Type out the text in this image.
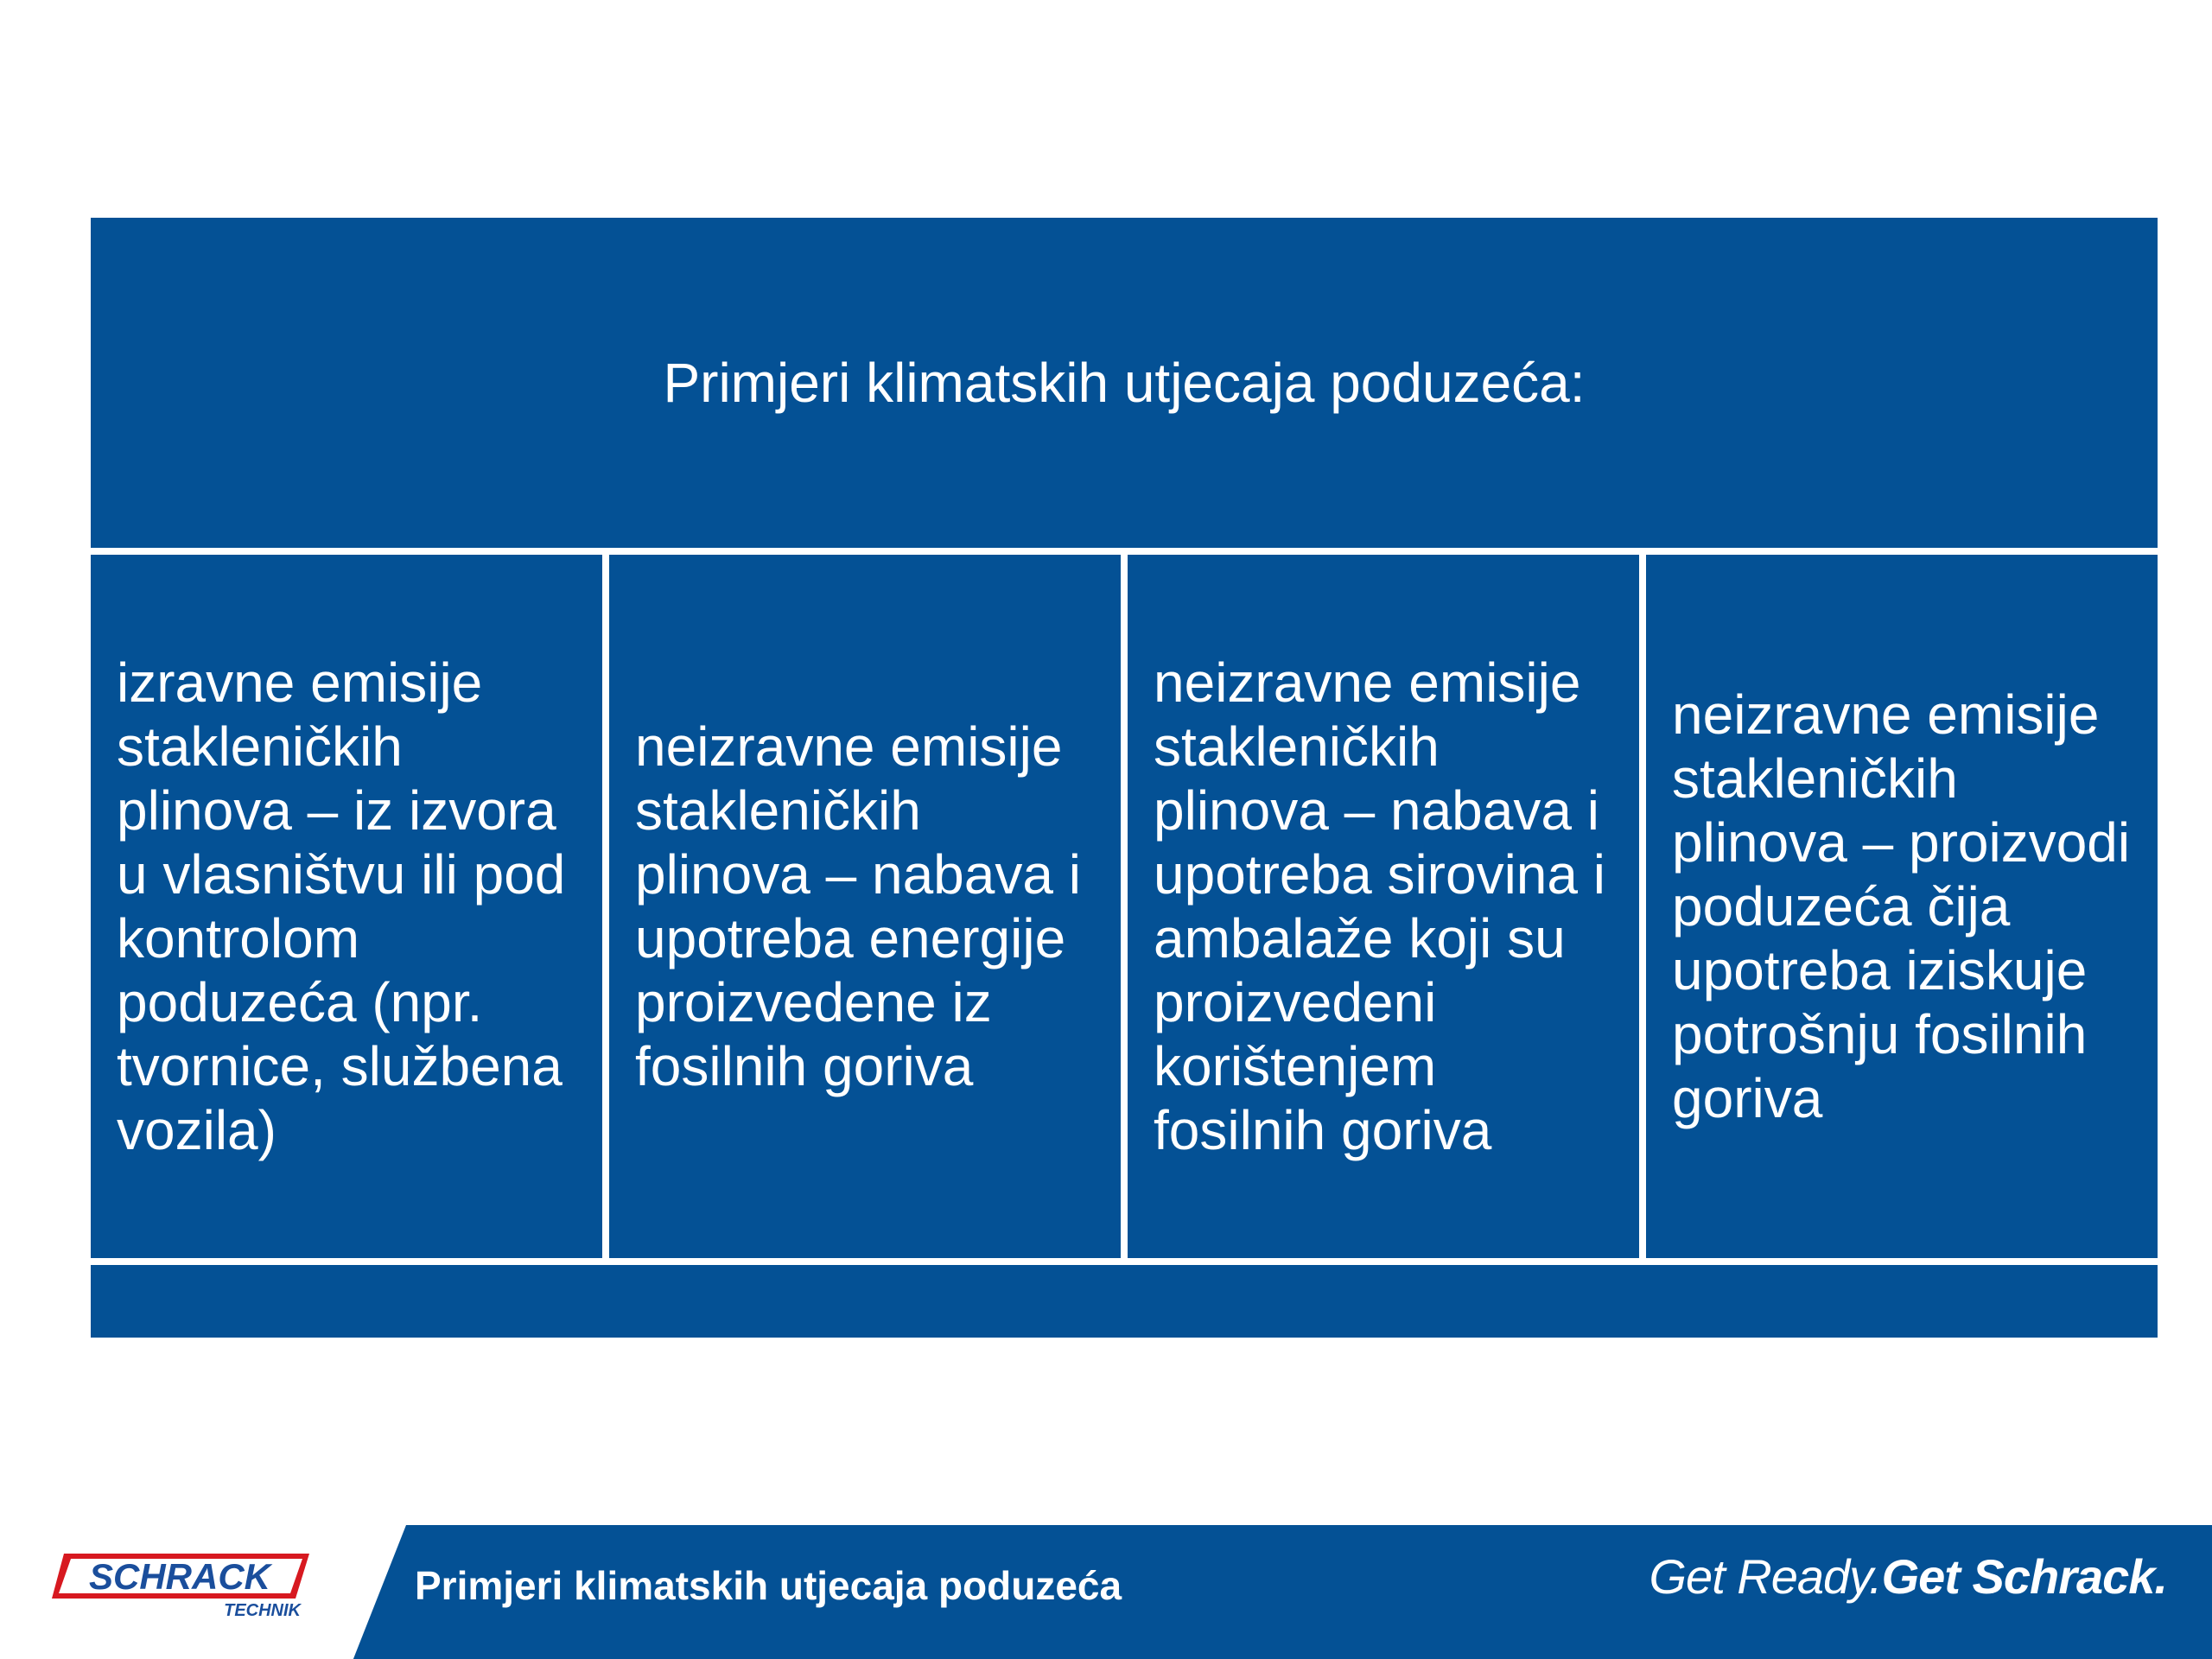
Primjeri klimatskih utjecaja poduzeća:
izravne emisije stakleničkih plinova – iz izvora u vlasništvu ili pod kontrolom poduzeća (npr. tvornice, službena vozila)
neizravne emisije stakleničkih plinova – nabava i upotreba energije proizvedene iz fosilnih goriva
neizravne emisije stakleničkih plinova – nabava i upotreba sirovina i ambalaže koji su proizvedeni korištenjem fosilnih goriva
neizravne emisije stakleničkih plinova – proizvodi poduzeća čija upotreba iziskuje potrošnju fosilnih goriva
SCHRACK
TECHNIK
Primjeri klimatskih utjecaja poduzeća	Get Ready.Get Schrack.
